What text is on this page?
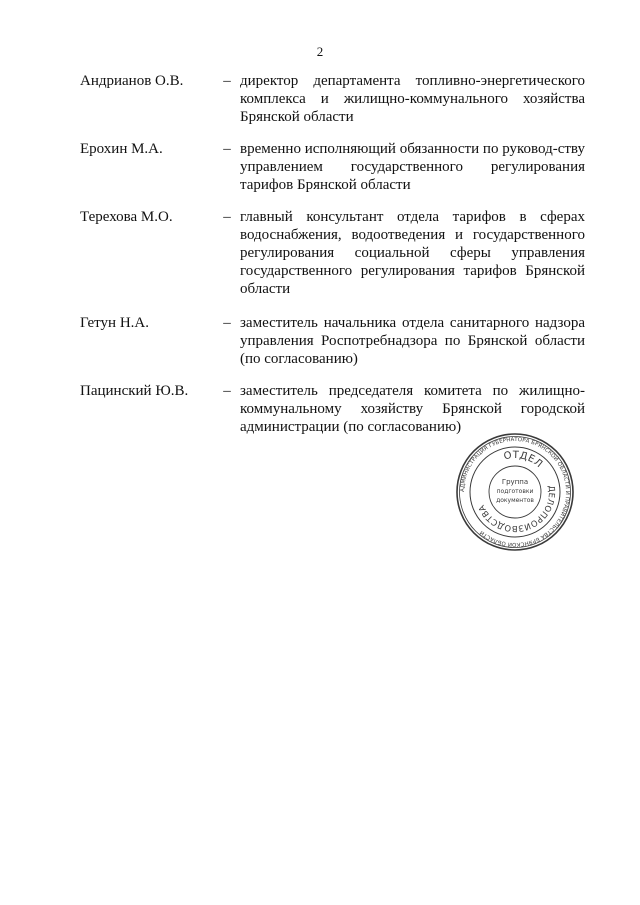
2
Андрианов О.В.	– директор департамента топливно-энергетического комплекса и жилищно-коммунального хозяйства Брянской области
Ерохин М.А.	– временно исполняющий обязанности по руковод-ству управлением государственного регулирования тарифов Брянской области
Терехова М.О.	– главный консультант отдела тарифов в сферах водоснабжения, водоотведения и государственного регулирования социальной сферы управления государственного регулирования тарифов Брянской области
Гетун Н.А.	– заместитель начальника отдела санитарного надзора управления Роспотребнадзора по Брянской области (по согласованию)
Пацинский Ю.В.	– заместитель председателя комитета по жилищно-коммунальному хозяйству Брянской городской администрации (по согласованию)
АДМИНИСТРАЦИЯ ГУБЕРНАТОРА БРЯНСКОЙ ОБЛАСТИ И ПРАВИТЕЛЬСТВА БРЯНСКОЙ ОБЛАСТИ
ОТДЕЛ
ДЕЛОПРОИЗВОДСТВА
Группа
подготовки
документов
